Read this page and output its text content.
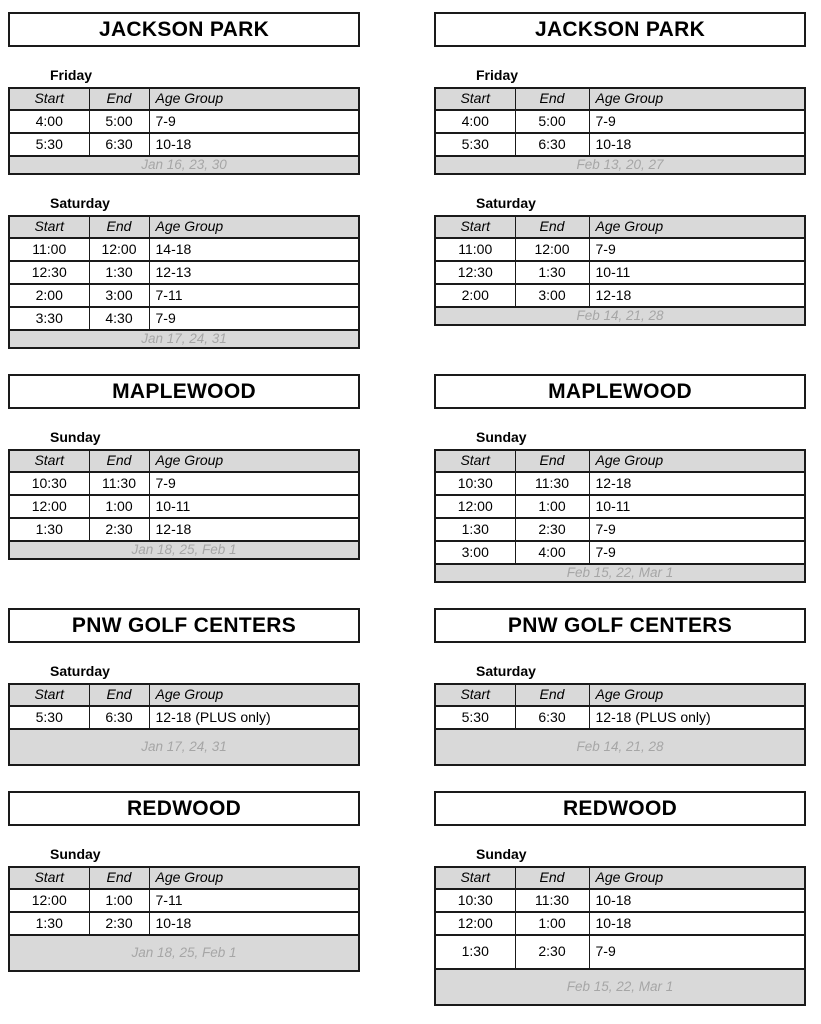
JACKSON PARK
Friday
Start	End	Age Group
4:00	5:00	7-9
5:30	6:30	10-18
Jan 16, 23, 30		
Saturday
Start	End	Age Group
11:00	12:00	14-18
12:30	1:30	12-13
2:00	3:00	7-11
3:30	4:30	7-9
Jan 17, 24, 31		
JACKSON PARK
Friday
Start	End	Age Group
4:00	5:00	7-9
5:30	6:30	10-18
Feb 13, 20, 27		
Saturday
Start	End	Age Group
11:00	12:00	7-9
12:30	1:30	10-11
2:00	3:00	12-18
Feb 14, 21, 28		
MAPLEWOOD
Sunday
Start	End	Age Group
10:30	11:30	7-9
12:00	1:00	10-11
1:30	2:30	12-18
Jan 18, 25, Feb 1		
MAPLEWOOD
Sunday
Start	End	Age Group
10:30	11:30	12-18
12:00	1:00	10-11
1:30	2:30	7-9
3:00	4:00	7-9
Feb 15, 22, Mar 1		
PNW GOLF CENTERS
Saturday
Start	End	Age Group
5:30	6:30	12-18 (PLUS only)
Jan 17, 24, 31		
PNW GOLF CENTERS
Saturday
Start	End	Age Group
5:30	6:30	12-18 (PLUS only)
Feb 14, 21, 28		
REDWOOD
Sunday
Start	End	Age Group
12:00	1:00	7-11
1:30	2:30	10-18
Jan 18, 25, Feb 1		
REDWOOD
Sunday
Start	End	Age Group
10:30	11:30	10-18
12:00	1:00	10-18
1:30	2:30	7-9
Feb 15, 22, Mar 1		
